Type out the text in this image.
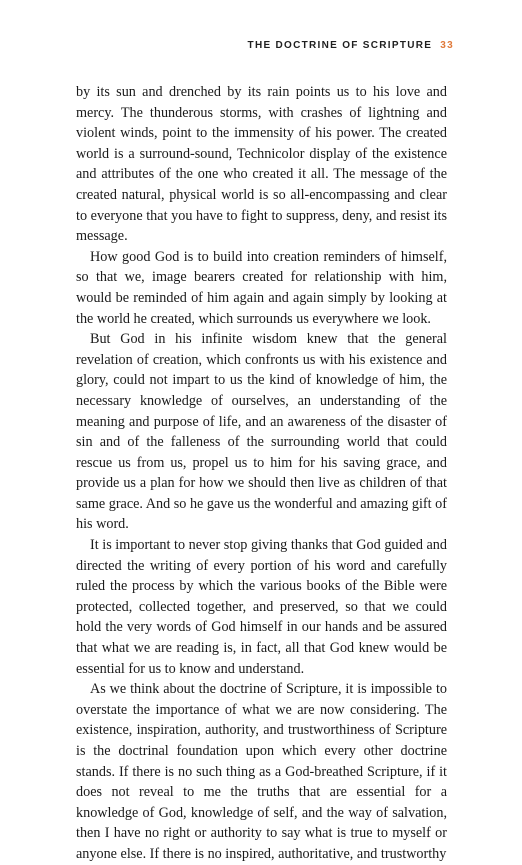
THE DOCTRINE OF SCRIPTURE 33

by its sun and drenched by its rain points us to his love and mercy. The thunderous storms, with crashes of lightning and violent winds, point to the immensity of his power. The created world is a surround-sound, Technicolor display of the existence and attributes of the one who created it all. The message of the created natural, physical world is so all-encompassing and clear to everyone that you have to fight to suppress, deny, and resist its message.

How good God is to build into creation reminders of himself, so that we, image bearers created for relationship with him, would be reminded of him again and again simply by looking at the world he created, which surrounds us everywhere we look.

But God in his infinite wisdom knew that the general revelation of creation, which confronts us with his existence and glory, could not impart to us the kind of knowledge of him, the necessary knowledge of ourselves, an understanding of the meaning and purpose of life, and an awareness of the disaster of sin and of the falleness of the surrounding world that could rescue us from us, propel us to him for his saving grace, and provide us a plan for how we should then live as children of that same grace. And so he gave us the wonderful and amazing gift of his word.

It is important to never stop giving thanks that God guided and directed the writing of every portion of his word and carefully ruled the process by which the various books of the Bible were protected, collected together, and preserved, so that we could hold the very words of God himself in our hands and be assured that what we are reading is, in fact, all that God knew would be essential for us to know and understand.

As we think about the doctrine of Scripture, it is impossible to overstate the importance of what we are now considering. The existence, inspiration, authority, and trustworthiness of Scripture is the doctrinal foundation upon which every other doctrine stands. If there is no such thing as a God-breathed Scripture, if it does not reveal to me the truths that are essential for a knowledge of God, knowledge of self, and the way of salvation, then I have no right or authority to say what is true to myself or anyone else. If there is no inspired, authoritative, and trustworthy
